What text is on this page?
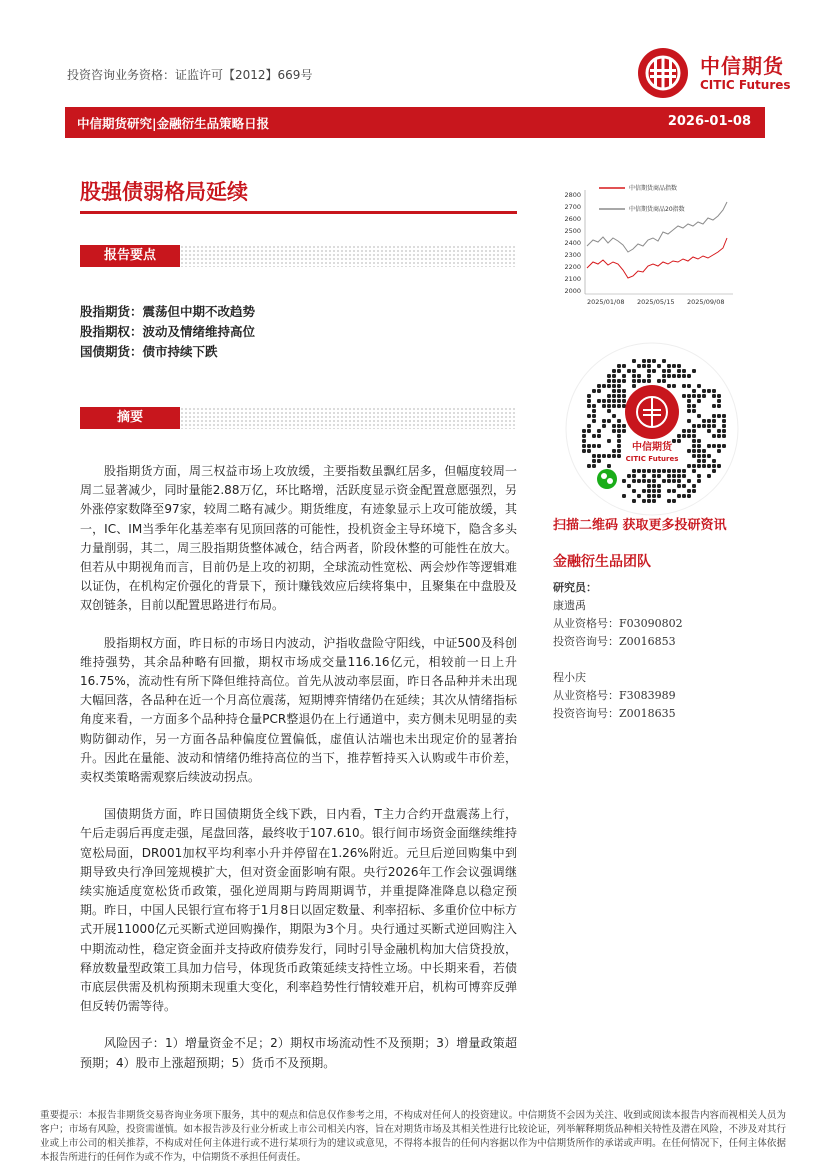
投资咨询业务资格：证监许可【2012】669号	中信期货
CITIC Futures
中信期货研究|金融衍生品策略日报	2026-01-08
股强债弱格局延续
报告要点
股指期货：震荡但中期不改趋势
股指期权：波动及情绪维持高位
国债期货：债市持续下跌
摘要

股指期货方面，周三权益市场上攻放缓，主要指数虽飘红居多，但幅度较周一周二显著减少，同时量能2.88万亿，环比略增，活跃度显示资金配置意愿强烈，另外涨停家数降至97家，较周二略有减少。期货维度，有迹象显示上攻可能放缓，其一，IC、IM当季年化基差率有见顶回落的可能性，投机资金主导环境下，隐含多头力量削弱，其二，周三股指期货整体减仓，结合两者，阶段休整的可能性在放大。但若从中期视角而言，目前仍是上攻的初期，全球流动性宽松、两会炒作等逻辑难以证伪，在机构定价强化的背景下，预计赚钱效应后续将集中，且聚集在中盘股及双创链条，目前以配置思路进行布局。

股指期权方面，昨日标的市场日内波动，沪指收盘险守阳线，中证500及科创维持强势，其余品种略有回撤，期权市场成交量116.16亿元，相较前一日上升16.75%，流动性有所下降但维持高位。首先从波动率层面，昨日各品种并未出现大幅回落，各品种在近一个月高位震荡，短期博弈情绪仍在延续；其次从情绪指标角度来看，一方面多个品种持仓量PCR整退仍在上行通道中，卖方侧未见明显的卖购防御动作，另一方面各品种偏度位置偏低，虚值认沽端也未出现定价的显著抬升。因此在量能、波动和情绪仍维持高位的当下，推荐暂持买入认购或牛市价差，卖权类策略需观察后续波动拐点。

国债期货方面，昨日国债期货全线下跌，日内看，T主力合约开盘震荡上行，午后走弱后再度走强，尾盘回落，最终收于107.610。银行间市场资金面继续维持宽松局面，DR001加权平均利率小升并停留在1.26%附近。元旦后逆回购集中到期导致央行净回笼规模扩大，但对资金面影响有限。央行2026年工作会议强调继续实施适度宽松货币政策，强化逆周期与跨周期调节，并重提降准降息以稳定预期。昨日，中国人民银行宣布将于1月8日以固定数量、利率招标、多重价位中标方式开展11000亿元买断式逆回购操作，期限为3个月。央行通过买断式逆回购注入中期流动性，稳定资金面并支持政府债券发行，同时引导金融机构加大信贷投放，释放数量型政策工具加力信号，体现货币政策延续支持性立场。中长期来看，若债市底层供需及机构预期未现重大变化，利率趋势性行情较难开启，机构可博弈反弹但反转仍需等待。

风险因子：1）增量资金不足；2）期权市场流动性不及预期；3）增量政策超预期；4）股市上涨超预期；5）货币不及预期。

2800
2700
2600
2500
2400
2300
2200
2100
2000
2025/01/08 2025/05/15 2025/09/08
中信期货商品指数
中信期货商品20指数
中信期货
CITIC Futures
扫描二维码 获取更多投研资讯
金融衍生品团队
研究员：
康遗禹
从业资格号：F03090802
投资咨询号：Z0016853
程小庆
从业资格号：F3083989
投资咨询号：Z0018635
重要提示：本报告非期货交易咨询业务项下服务，其中的观点和信息仅作参考之用，不构成对任何人的投资建议。中信期货不会因为关注、收到或阅读本报告内容而视相关人员为客户；市场有风险，投资需谨慎。如本报告涉及行业分析或上市公司相关内容，旨在对期货市场及其相关性进行比较论证，列举解释期货品种相关特性及潜在风险，不涉及对其行业或上市公司的相关推荐，不构成对任何主体进行或不进行某项行为的建议或意见，不得将本报告的任何内容据以作为中信期货所作的承诺或声明。在任何情况下，任何主体依据本报告所进行的任何作为或不作为，中信期货不承担任何责任。
